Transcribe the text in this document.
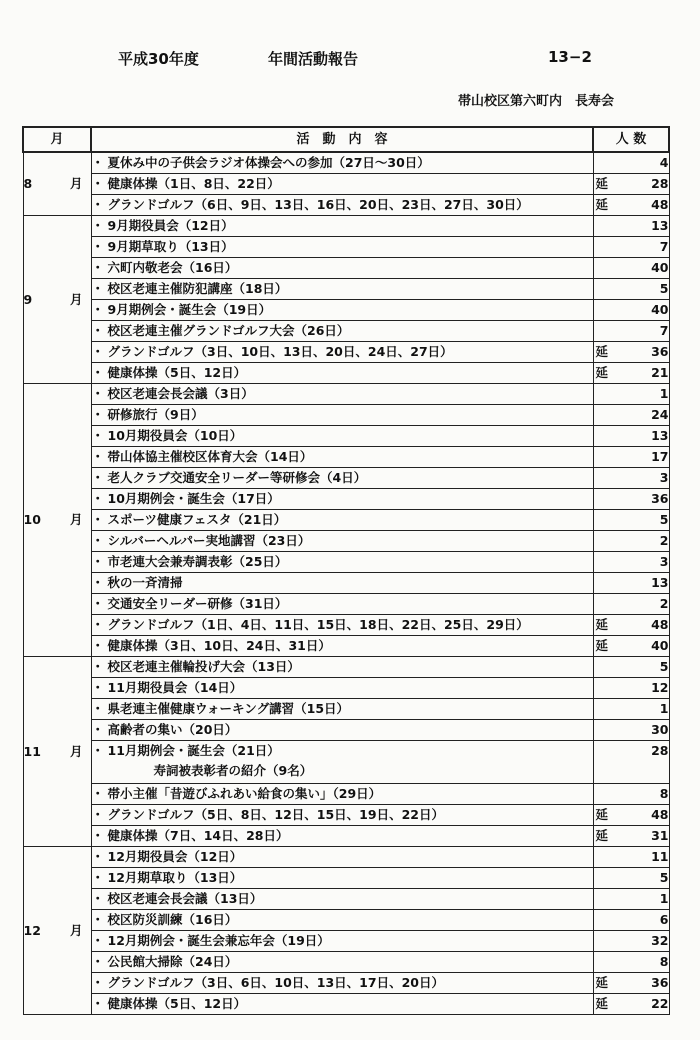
平成30年度	年間活動報告	13−2
帯山校区第六町内　長寿会
月	活　動　内　容	人 数

8 月	・ 夏休み中の子供会ラジオ体操会への参加（27日〜30日）	4
	・ 健康体操（1日、8日、22日）	延 28
	・ グランドゴルフ（6日、9日、13日、16日、20日、23日、27日、30日）	延 48

9 月	・ 9月期役員会（12日）	13
	・ 9月期草取り（13日）	7
	・ 六町内敬老会（16日）	40
	・ 校区老連主催防犯講座（18日）	5
	・ 9月期例会・誕生会（19日）	40
	・ 校区老連主催グランドゴルフ大会（26日）	7
	・ グランドゴルフ（3日、10日、13日、20日、24日、27日）	延 36
	・ 健康体操（5日、12日）	延 21

10 月	・ 校区老連会長会議（3日）	1
	・ 研修旅行（9日）	24
	・ 10月期役員会（10日）	13
	・ 帯山体協主催校区体育大会（14日）	17
	・ 老人クラブ交通安全リーダー等研修会（4日）	3
	・ 10月期例会・誕生会（17日）	36
	・ スポーツ健康フェスタ（21日）	5
	・ シルバーヘルパー実地講習（23日）	2
	・ 市老連大会兼寿調表彰（25日）	3
	・ 秋の一斉清掃	13
	・ 交通安全リーダー研修（31日）	2
	・ グランドゴルフ（1日、4日、11日、15日、18日、22日、25日、29日）	延 48
	・ 健康体操（3日、10日、24日、31日）	延 40

11 月	・ 校区老連主催輪投げ大会（13日）	5
	・ 11月期役員会（14日）	12
	・ 県老連主催健康ウォーキング講習（15日）	1
	・ 高齢者の集い（20日）	30
	・ 11月期例会・誕生会（21日）
寿詞被表彰者の紹介（9名）	28
	・ 帯小主催「昔遊びふれあい給食の集い」（29日）	8
	・ グランドゴルフ（5日、8日、12日、15日、19日、22日）	延 48
	・ 健康体操（7日、14日、28日）	延 31

12 月	・ 12月期役員会（12日）	11
	・ 12月期草取り（13日）	5
	・ 校区老連会長会議（13日）	1
	・ 校区防災訓練（16日）	6
	・ 12月期例会・誕生会兼忘年会（19日）	32
	・ 公民館大掃除（24日）	8
	・ グランドゴルフ（3日、6日、10日、13日、17日、20日）	延 36
	・ 健康体操（5日、12日）	延 22
